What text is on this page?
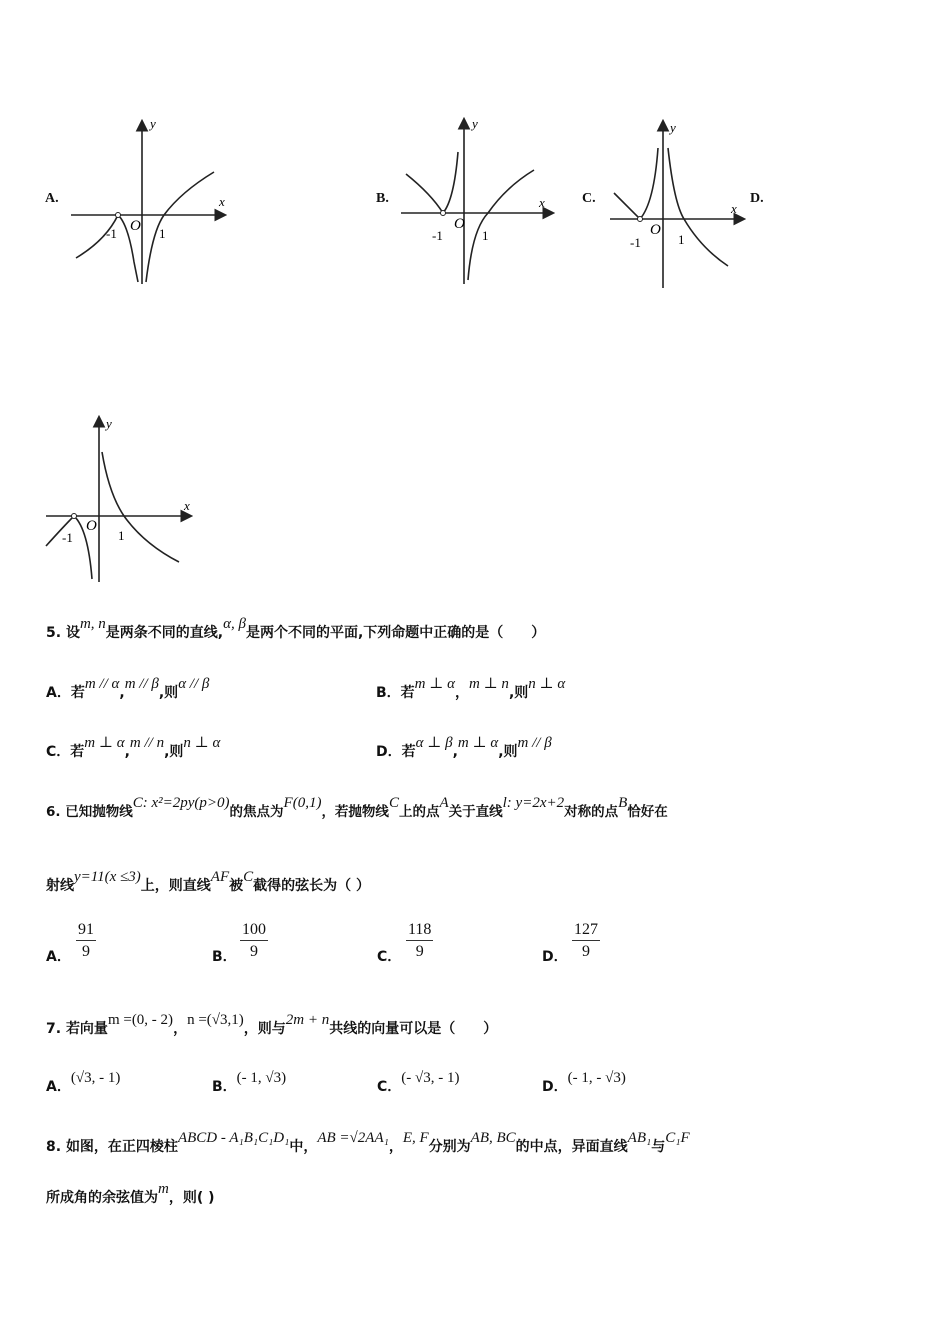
A.	x
y
-1 O 1
B.	x
y
-1
O
1
C.
x
y
-1
O
1
D.
x
y
-1
O
1
5. 设m, n是两条不同的直线,α, β是两个不同的平面,下列命题中正确的是（　　）
A．若m // α,m // β,则α // β
B．若m ⊥ α，m ⊥ n,则n ⊥ α
C．若m ⊥ α,m // n,则n ⊥ α
D．若α ⊥ β,m ⊥ α,则m // β
6. 已知抛物线C: x²=2py(p>0)的焦点为F(0,1)，若抛物线C上的点A关于直线l: y=2x+2对称的点B恰好在
射线y=11(x ≤3)上，则直线AF被C截得的弦长为（ ）
A． $\frac{91}{9}$	B． $\frac{100}{9}$	C． $\frac{118}{9}$	D． $\frac{127}{9}$
7. 若向量m =(0, - 2)，n =(√3,1)，则与2m + n共线的向量可以是（　　）
A．(√3, - 1)
B．(- 1, √3)
C．(- √3, - 1)
D．(- 1, - √3)
8. 如图，在正四棱柱ABCD - A₁B₁C₁D₁中，AB =√2AA₁，E, F分别为AB, BC的中点，异面直线AB₁与C₁F
所成角的余弦值为m，则( )
